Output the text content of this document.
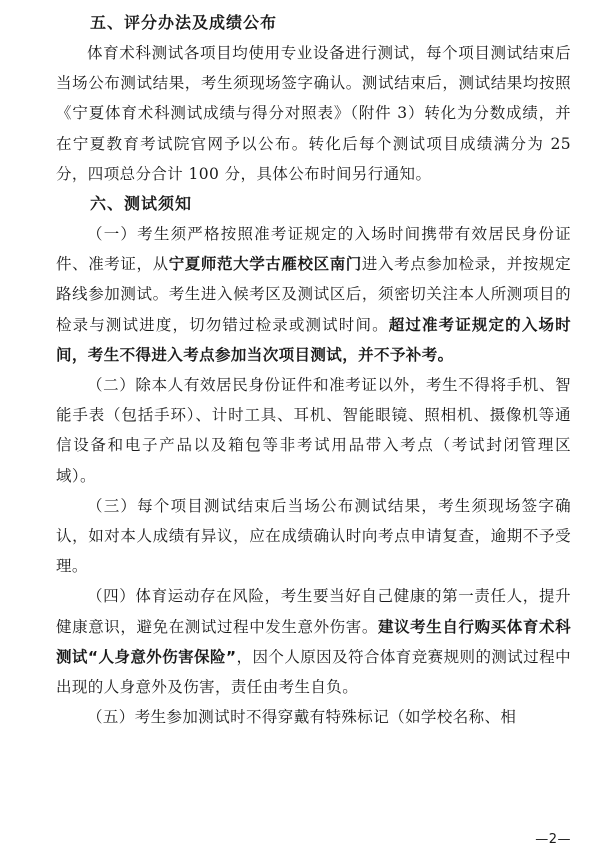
五、评分办法及成绩公布

体育术科测试各项目均使用专业设备进行测试，每个项目测试结束后当场公布测试结果，考生须现场签字确认。测试结束后，测试结果均按照《宁夏体育术科测试成绩与得分对照表》（附件 3）转化为分数成绩，并在宁夏教育考试院官网予以公布。转化后每个测试项目成绩满分为 25 分，四项总分合计 100 分，具体公布时间另行通知。

六、测试须知

（一）考生须严格按照准考证规定的入场时间携带有效居民身份证件、准考证，从宁夏师范大学古雁校区南门进入考点参加检录，并按规定路线参加测试。考生进入候考区及测试区后，须密切关注本人所测项目的检录与测试进度，切勿错过检录或测试时间。超过准考证规定的入场时间，考生不得进入考点参加当次项目测试，并不予补考。

（二）除本人有效居民身份证件和准考证以外，考生不得将手机、智能手表（包括手环）、计时工具、耳机、智能眼镜、照相机、摄像机等通信设备和电子产品以及箱包等非考试用品带入考点（考试封闭管理区域）。

（三）每个项目测试结束后当场公布测试结果，考生须现场签字确认，如对本人成绩有异议，应在成绩确认时向考点申请复查，逾期不予受理。

（四）体育运动存在风险，考生要当好自己健康的第一责任人，提升健康意识，避免在测试过程中发生意外伤害。建议考生自行购买体育术科测试“人身意外伤害保险”，因个人原因及符合体育竞赛规则的测试过程中出现的人身意外及伤害，责任由考生自负。

（五）考生参加测试时不得穿戴有特殊标记（如学校名称、相

—2—
